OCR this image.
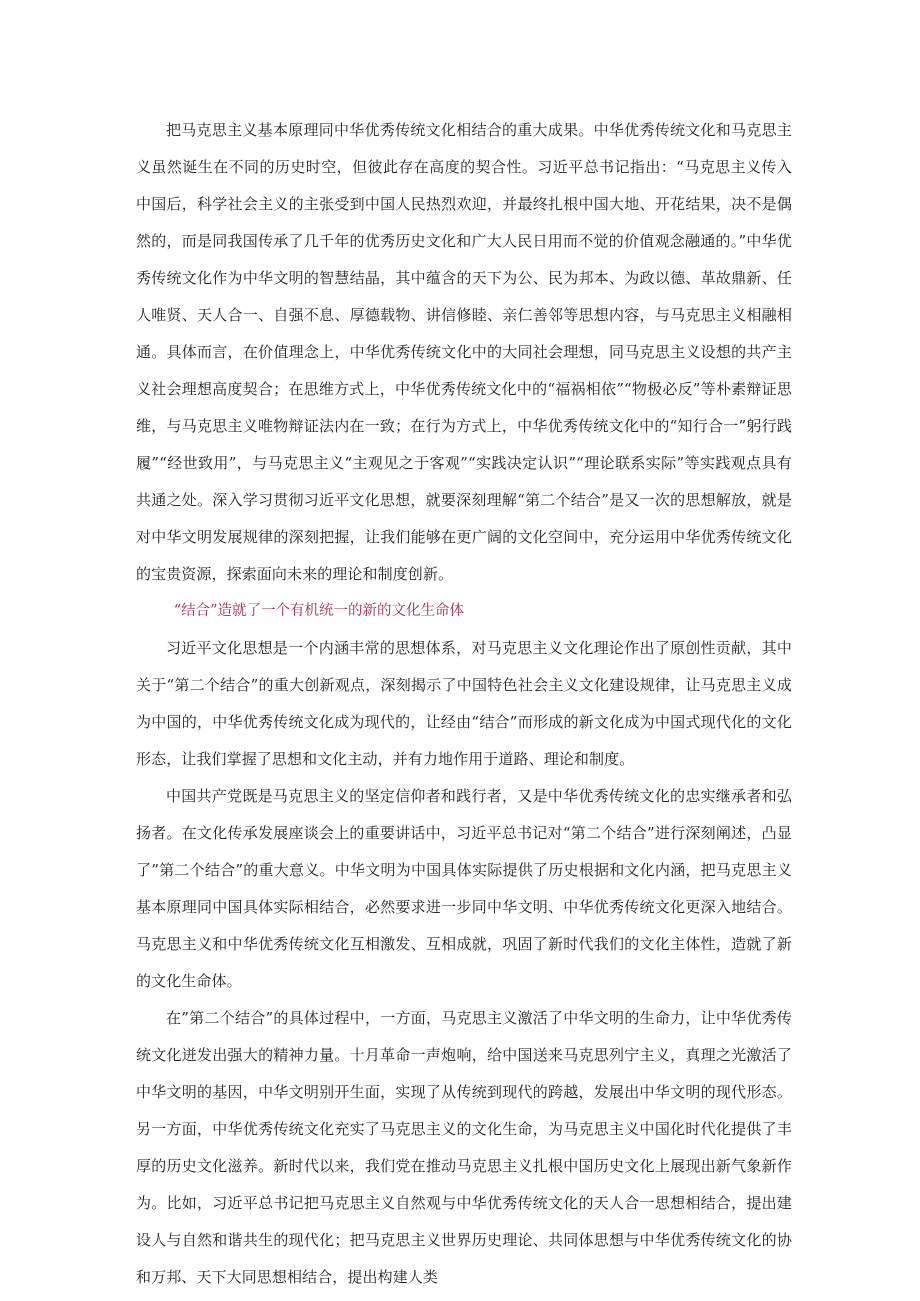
把马克思主义基本原理同中华优秀传统文化相结合的重大成果。中华优秀传统文化和马克思主义虽然诞生在不同的历史时空，但彼此存在高度的契合性。习近平总书记指出：“马克思主义传入中国后，科学社会主义的主张受到中国人民热烈欢迎，并最终扎根中国大地、开花结果，决不是偶然的，而是同我国传承了几千年的优秀历史文化和广大人民日用而不觉的价值观念融通的。”中华优秀传统文化作为中华文明的智慧结晶，其中蕴含的天下为公、民为邦本、为政以德、革故鼎新、任人唯贤、天人合一、自强不息、厚德载物、讲信修睦、亲仁善邻等思想内容，与马克思主义相融相通。具体而言，在价值理念上，中华优秀传统文化中的大同社会理想，同马克思主义设想的共产主义社会理想高度契合；在思维方式上，中华优秀传统文化中的“福祸相依”“物极必反”等朴素辩证思维，与马克思主义唯物辩证法内在一致；在行为方式上，中华优秀传统文化中的“知行合一”躬行践履”“经世致用”，与马克思主义“主观见之于客观”“实践决定认识”“理论联系实际”等实践观点具有共通之处。深入学习贯彻习近平文化思想，就要深刻理解“第二个结合”是又一次的思想解放，就是对中华文明发展规律的深刻把握，让我们能够在更广阔的文化空间中，充分运用中华优秀传统文化的宝贵资源，探索面向未来的理论和制度创新。

“结合”造就了一个有机统一的新的文化生命体

习近平文化思想是一个内涵丰常的思想体系，对马克思主义文化理论作出了原创性贡献，其中关于“第二个结合”的重大创新观点，深刻揭示了中国特色社会主义文化建设规律，让马克思主义成为中国的，中华优秀传统文化成为现代的，让经由“结合”而形成的新文化成为中国式现代化的文化形态，让我们掌握了思想和文化主动，并有力地作用于道路、理论和制度。

中国共产党既是马克思主义的坚定信仰者和践行者，又是中华优秀传统文化的忠实继承者和弘扬者。在文化传承发展座谈会上的重要讲话中，习近平总书记对“第二个结合”进行深刻阐述，凸显了”第二个结合”的重大意义。中华文明为中国具体实际提供了历史根据和文化内涵，把马克思主义基本原理同中国具体实际相结合，必然要求进一步同中华文明、中华优秀传统文化更深入地结合。马克思主义和中华优秀传统文化互相激发、互相成就，巩固了新时代我们的文化主体性，造就了新的文化生命体。

在”第二个结合”的具体过程中，一方面，马克思主义激活了中华文明的生命力，让中华优秀传统文化迸发出强大的精神力量。十月革命一声炮响，给中国送来马克思列宁主义，真理之光激活了中华文明的基因，中华文明别开生面，实现了从传统到现代的跨越，发展出中华文明的现代形态。另一方面，中华优秀传统文化充实了马克思主义的文化生命，为马克思主义中国化时代化提供了丰厚的历史文化滋养。新时代以来，我们党在推动马克思主义扎根中国历史文化上展现出新气象新作为。比如，习近平总书记把马克思主义自然观与中华优秀传统文化的天人合一思想相结合，提出建设人与自然和谐共生的现代化；把马克思主义世界历史理论、共同体思想与中华优秀传统文化的协和万邦、天下大同思想相结合，提出构建人类
